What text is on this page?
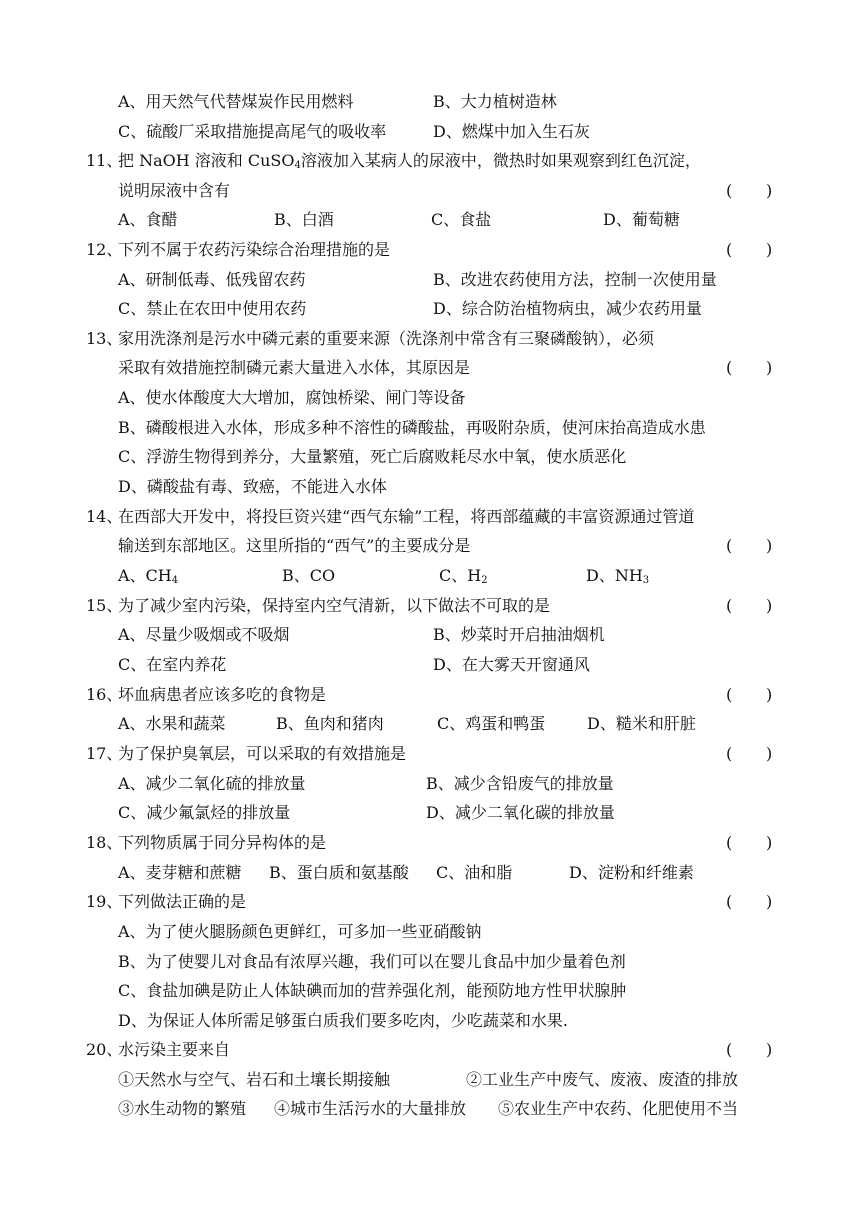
A、用天然气代替煤炭作民用燃料	B、大力植树造林
C、硫酸厂采取措施提高尾气的吸收率	D、燃煤中加入生石灰
11、
把 NaOH 溶液和 CuSO$_4$溶液加入某病人的尿液中，微热时如果观察到红色沉淀，
说明尿液中含有	( )
A、食醋	B、白酒	C、食盐	D、葡萄糖
12、
下列不属于农药污染综合治理措施的是	( )
A、研制低毒、低残留农药	B、改进农药使用方法，控制一次使用量
C、禁止在农田中使用农药	D、综合防治植物病虫，减少农药用量
13、
家用洗涤剂是污水中磷元素的重要来源（洗涤剂中常含有三聚磷酸钠），必须
采取有效措施控制磷元素大量进入水体，其原因是	( )
A、使水体酸度大大增加，腐蚀桥梁、闸门等设备
B、磷酸根进入水体，形成多种不溶性的磷酸盐，再吸附杂质，使河床抬高造成水患
C、浮游生物得到养分，大量繁殖，死亡后腐败耗尽水中氧，使水质恶化
D、磷酸盐有毒、致癌，不能进入水体
14、
在西部大开发中，将投巨资兴建“西气东输”工程，将西部蕴藏的丰富资源通过管道
输送到东部地区。这里所指的“西气”的主要成分是	( )
A、$CH_4$	B、CO	C、$H_2$	D、$NH_3$
15、
为了减少室内污染，保持室内空气清新，以下做法不可取的是	( )
A、尽量少吸烟或不吸烟	B、炒菜时开启抽油烟机
C、在室内养花	D、在大雾天开窗通风
16、
坏血病患者应该多吃的食物是	( )
A、水果和蔬菜	B、鱼肉和猪肉	C、鸡蛋和鸭蛋	D、糙米和肝脏
17、
为了保护臭氧层，可以采取的有效措施是	( )
A、减少二氧化硫的排放量	B、减少含铅废气的排放量
C、减少氟氯烃的排放量	D、减少二氧化碳的排放量
18、
下列物质属于同分异构体的是	( )
A、麦芽糖和蔗糖 B、蛋白质和氨基酸 C、油和脂	D、淀粉和纤维素
19、
下列做法正确的是	( )
A、为了使火腿肠颜色更鲜红，可多加一些亚硝酸钠
B、为了使婴儿对食品有浓厚兴趣，我们可以在婴儿食品中加少量着色剂
C、食盐加碘是防止人体缺碘而加的营养强化剂，能预防地方性甲状腺肿
D、为保证人体所需足够蛋白质我们要多吃肉，少吃蔬菜和水果.
20、
水污染主要来自	( )
①天然水与空气、岩石和土壤长期接触	②工业生产中废气、废液、废渣的排放
③水生动物的繁殖 ④城市生活污水的大量排放 ⑤农业生产中农药、化肥使用不当
